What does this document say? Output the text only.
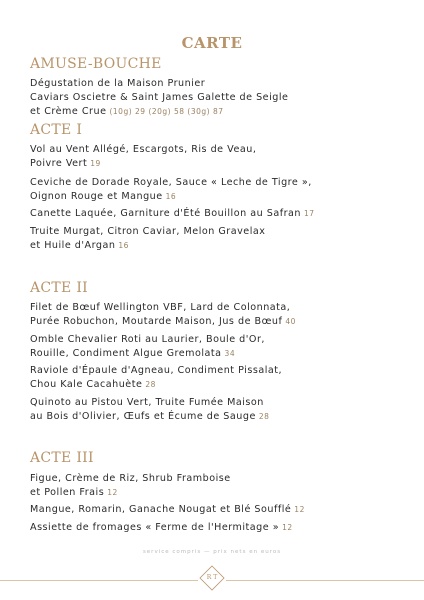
CARTE
AMUSE-BOUCHE
Dégustation de la Maison Prunier
Caviars Oscietre & Saint James Galette de Seigle
et Crème Crue (10g) 29 (20g) 58 (30g) 87
ACTE I
Vol au Vent Allégé, Escargots, Ris de Veau,
Poivre Vert 19
Ceviche de Dorade Royale, Sauce « Leche de Tigre »,
Oignon Rouge et Mangue 16
Canette Laquée, Garniture d'Été Bouillon au Safran 17
Truite Murgat, Citron Caviar, Melon Gravelax
et Huile d'Argan 16
ACTE II
Filet de Bœuf Wellington VBF, Lard de Colonnata,
Purée Robuchon, Moutarde Maison, Jus de Bœuf 40
Omble Chevalier Roti au Laurier, Boule d'Or,
Rouille, Condiment Algue Gremolata 34
Raviole d'Épaule d'Agneau, Condiment Pissalat,
Chou Kale Cacahuète 28
Quinoto au Pistou Vert, Truite Fumée Maison
au Bois d'Olivier, Œufs et Écume de Sauge 28
ACTE III
Figue, Crème de Riz, Shrub Framboise
et Pollen Frais 12
Mangue, Romarin, Ganache Nougat et Blé Soufflé 12
Assiette de fromages « Ferme de l'Hermitage » 12
service compris — prix nets en euros
R T
